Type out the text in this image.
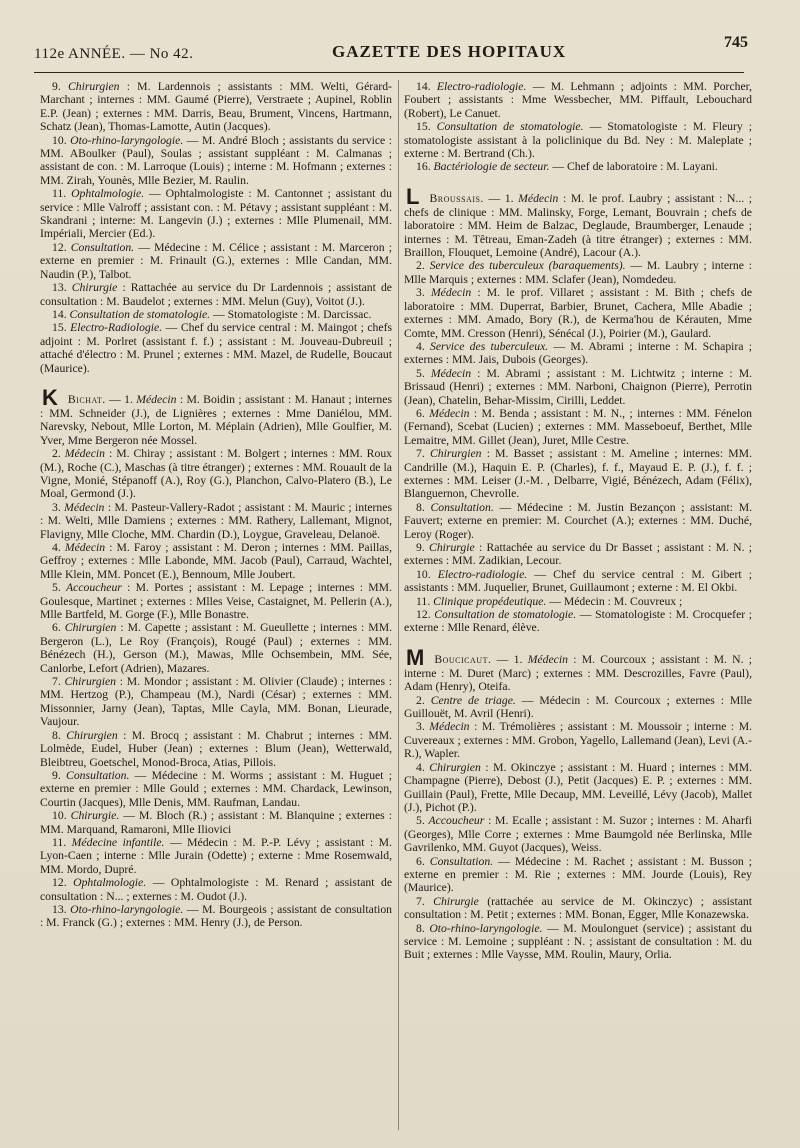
112e ANNÉE. — No 42.	GAZETTE DES HOPITAUX	745

9. Chirurgien : M. Lardennois ; assistants : MM. Welti, Gérard-Marchant ; internes : MM. Gaumé (Pierre), Verstraete ; Aupinel, Roblin E.P. (Jean) ; externes : MM. Darris, Beau, Brument, Vincens, Hartmann, Schatz (Jean), Thomas-Lamotte, Autin (Jacques).

10. Oto-rhino-laryngologie. — M. André Bloch ; assistants du service : MM. ABoulker (Paul), Soulas ; assistant suppléant : M. Calmanas ; assistant de con. : M. Larroque (Louis) ; interne : M. Hofmann ; externes : MM. Zirah, Younès, Mlle Bezier, M. Raulin.

11. Ophtalmologie. — Ophtalmologiste : M. Cantonnet ; assistant du service : Mlle Valroff ; assistant con. : M. Pétavy ; assistant suppléant : M. Skandrani ; interne: M. Langevin (J.) ; externes : Mlle Plumenail, MM. Impériali, Mercier (Ed.).

12. Consultation. — Médecine : M. Célice ; assistant : M. Marceron ; externe en premier : M. Frinault (G.), externes : Mlle Candan, MM. Naudin (P.), Talbot.

13. Chirurgie : Rattachée au service du Dr Lardennois ; assistant de consultation : M. Baudelot ; externes : MM. Melun (Guy), Voitot (J.).

14. Consultation de stomatologie. — Stomatologiste : M. Darcissac.

15. Electro-Radiologie. — Chef du service central : M. Maingot ; chefs adjoint : M. Porlret (assistant f. f.) ; assistant : M. Jouveau-Dubreuil ; attaché d'électro : M. Prunel ; externes : MM. Mazel, de Rudelle, Boucaut (Maurice).

K Bichat. — 1. Médecin : M. Boidin ; assistant : M. Hanaut ; internes : MM. Schneider (J.), de Lignières ; externes : Mme Daniélou, MM. Narevsky, Nebout, Mlle Lorton, M. Méplain (Adrien), Mlle Goulfier, M. Yver, Mme Bergeron née Mossel.

2. Médecin : M. Chiray ; assistant : M. Bolgert ; internes : MM. Roux (M.), Roche (C.), Maschas (à titre étranger) ; externes : MM. Rouault de la Vigne, Monié, Stépanoff (A.), Roy (G.), Planchon, Calvo-Platero (B.), Le Moal, Germond (J.).

3. Médecin : M. Pasteur-Vallery-Radot ; assistant : M. Mauric ; internes : M. Welti, Mlle Damiens ; externes : MM. Rathery, Lallemant, Mignot, Flavigny, Mlle Cloche, MM. Chardin (D.), Loygue, Graveleau, Delanoë.

4. Médecin : M. Faroy ; assistant : M. Deron ; internes : MM. Paillas, Geffroy ; externes : Mlle Labonde, MM. Jacob (Paul), Carraud, Wachtel, Mlle Klein, MM. Poncet (E.), Bennoum, Mlle Joubert.

5. Accoucheur : M. Portes ; assistant : M. Lepage ; internes : MM. Goulesque, Martinet ; externes : Mlles Veise, Castaignet, M. Pellerin (A.), Mlle Bartfeld, M. Gorge (F.), Mlle Bonastre.

6. Chirurgien : M. Capette ; assistant : M. Gueullette ; internes : MM. Bergeron (L.), Le Roy (François), Rougé (Paul) ; externes : MM. Bénézech (H.), Gerson (M.), Mawas, Mlle Ochsembein, MM. Sée, Canlorbe, Lefort (Adrien), Mazares.

7. Chirurgien : M. Mondor ; assistant : M. Olivier (Claude) ; internes : MM. Hertzog (P.), Champeau (M.), Nardi (César) ; externes : MM. Missonnier, Jarny (Jean), Taptas, Mlle Cayla, MM. Bonan, Lieurade, Vaujour.

8. Chirurgien : M. Brocq ; assistant : M. Chabrut ; internes : MM. Lolmède, Eudel, Huber (Jean) ; externes : Blum (Jean), Wetterwald, Bleibtreu, Goetschel, Monod-Broca, Atias, Pillois.

9. Consultation. — Médecine : M. Worms ; assistant : M. Huguet ; externe en premier : Mlle Gould ; externes : MM. Chardack, Lewinson, Courtin (Jacques), Mlle Denis, MM. Raufman, Landau.

10. Chirurgie. — M. Bloch (R.) ; assistant : M. Blanquine ; externes : MM. Marquand, Ramaroni, Mlle Iliovici

11. Médecine infantile. — Médecin : M. P.-P. Lévy ; assistant : M. Lyon-Caen ; interne : Mlle Jurain (Odette) ; externe : Mme Rosemwald, MM. Mordo, Dupré.

12. Ophtalmologie. — Ophtalmologiste : M. Renard ; assistant de consultation : N... ; externes : M. Oudot (J.).

13. Oto-rhino-laryngologie. — M. Bourgeois ; assistant de consultation : M. Franck (G.) ; externes : MM. Henry (J.), de Person.

14. Electro-radiologie. — M. Lehmann ; adjoints : MM. Porcher, Foubert ; assistants : Mme Wessbecher, MM. Piffault, Lebouchard (Robert), Le Canuet.

15. Consultation de stomatologie. — Stomatologiste : M. Fleury ; stomatologiste assistant à la policlinique du Bd. Ney : M. Maleplate ; externe : M. Bertrand (Ch.).

16. Bactériologie de secteur. — Chef de laboratoire : M. Layani.

L Broussais. — 1. Médecin : M. le prof. Laubry ; assistant : N... ; chefs de clinique : MM. Malinsky, Forge, Lemant, Bouvrain ; chefs de laboratoire : MM. Heim de Balzac, Deglaude, Braumberger, Lenaude ; internes : M. Têtreau, Eman-Zadeh (à titre étranger) ; externes : MM. Braillon, Flouquet, Lemoine (André), Lacour (A.).

2. Service des tuberculeux (baraquements). — M. Laubry ; interne : Mlle Marquis ; externes : MM. Sclafer (Jean), Nomdedeu.

3. Médecin : M. le prof. Villaret ; assistant : M. Bith ; chefs de laboratoire : MM. Duperrat, Barbier, Brunet, Cachera, Mlle Abadie ; externes : MM. Amado, Bory (R.), de Kerma'hou de Kérauten, Mme Comte, MM. Cresson (Henri), Sénécal (J.), Poirier (M.), Gaulard.

4. Service des tuberculeux. — M. Abrami ; interne : M. Schapira ; externes : MM. Jais, Dubois (Georges).

5. Médecin : M. Abrami ; assistant : M. Lichtwitz ; interne : M. Brissaud (Henri) ; externes : MM. Narboni, Chaignon (Pierre), Perrotin (Jean), Chatelin, Behar-Missim, Cirilli, Leddet.

6. Médecin : M. Benda ; assistant : M. N., ; internes : MM. Fénelon (Fernand), Scebat (Lucien) ; externes : MM. Masseboeuf, Berthet, Mlle Lemaitre, MM. Gillet (Jean), Juret, Mlle Cestre.

7. Chirurgien : M. Basset ; assistant : M. Ameline ; internes: MM. Candrille (M.), Haquin E. P. (Charles), f. f., Mayaud E. P. (J.), f. f. ; externes : MM. Leiser (J.-M. , Delbarre, Vigié, Bénézech, Adam (Félix), Blanguernon, Chevrolle.

8. Consultation. — Médecine : M. Justin Bezançon ; assistant: M. Fauvert; externe en premier: M. Courchet (A.); externes : MM. Duché, Leroy (Roger).

9. Chirurgie : Rattachée au service du Dr Basset ; assistant : M. N. ; externes : MM. Zadikian, Lecour.

10. Electro-radiologie. — Chef du service central : M. Gibert ; assistants : MM. Juquelier, Brunet, Guillaumont ; externe : M. El Okbi.

11. Clinique propédeutique. — Médecin : M. Couvreux ;

12. Consultation de stomatologie. — Stomatologiste : M. Crocquefer ; externe : Mlle Renard, élève.

M Boucicaut. — 1. Médecin : M. Courcoux ; assistant : M. N. ; interne : M. Duret (Marc) ; externes : MM. Descrozilles, Favre (Paul), Adam (Henry), Oteifa.

2. Centre de triage. — Médecin : M. Courcoux ; externes : Mlle Guillouët, M. Avril (Henri).

3. Médecin : M. Trémolières ; assistant : M. Moussoir ; interne : M. Cuvereaux ; externes : MM. Grobon, Yagello, Lallemand (Jean), Levi (A.-R.), Wapler.

4. Chirurgien : M. Okinczye ; assistant : M. Huard ; internes : MM. Champagne (Pierre), Debost (J.), Petit (Jacques) E. P. ; externes : MM. Guillain (Paul), Frette, Mlle Decaup, MM. Leveillé, Lévy (Jacob), Mallet (J.), Pichot (P.).

5. Accoucheur : M. Ecalle ; assistant : M. Suzor ; internes : M. Aharfi (Georges), Mlle Corre ; externes : Mme Baumgold née Berlinska, Mlle Gavrilenko, MM. Guyot (Jacques), Weiss.

6. Consultation. — Médecine : M. Rachet ; assistant : M. Busson ; externe en premier : M. Rie ; externes : MM. Jourde (Louis), Rey (Maurice).

7. Chirurgie (rattachée au service de M. Okinczyc) ; assistant consultation : M. Petit ; externes : MM. Bonan, Egger, Mlle Konazewska.

8. Oto-rhino-laryngologie. — M. Moulonguet (service) ; assistant du service : M. Lemoine ; suppléant : N. ; assistant de consultation : M. du Buit ; externes : Mlle Vaysse, MM. Roulin, Maury, Orlia.
